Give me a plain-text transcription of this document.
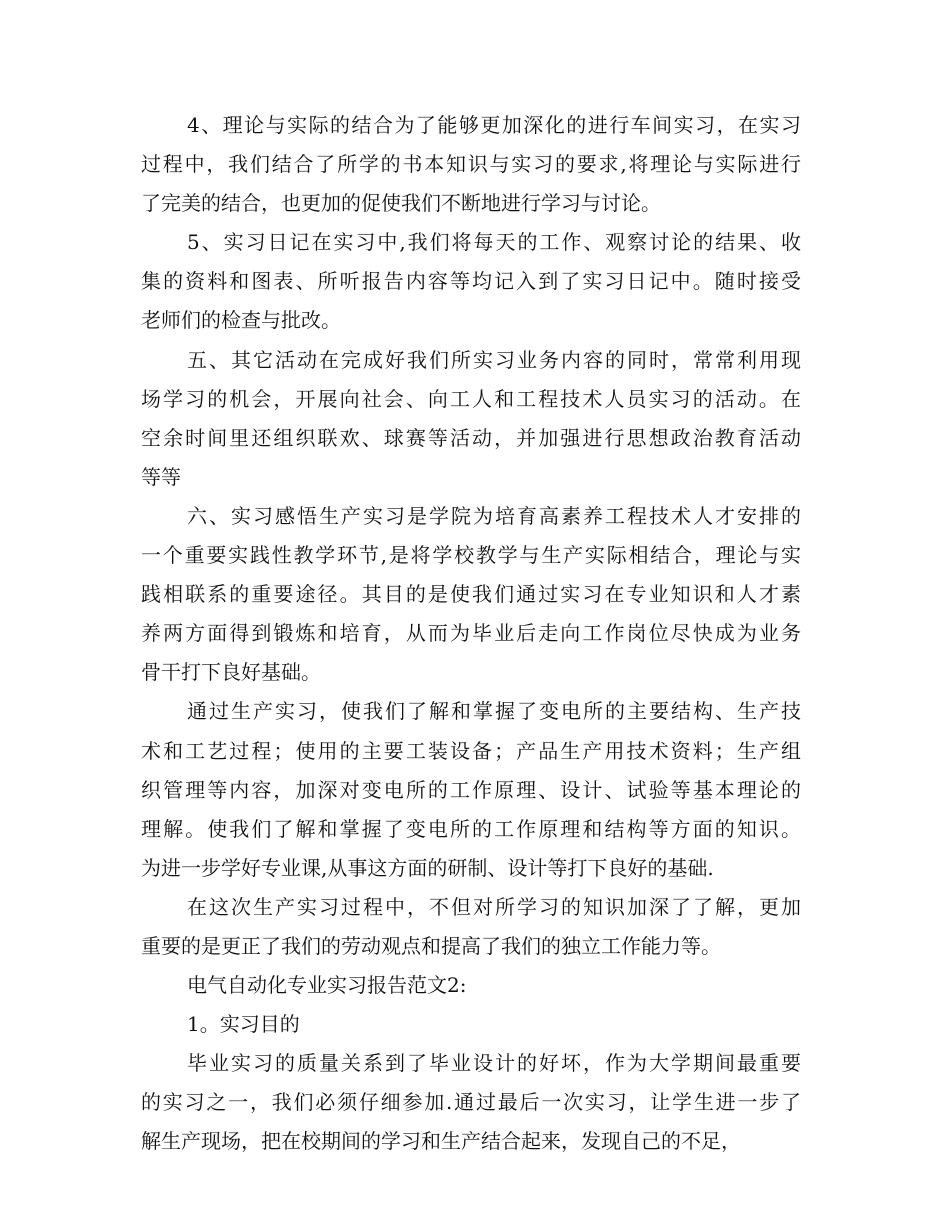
4、理论与实际的结合为了能够更加深化的进行车间实习，在实习
过程中，我们结合了所学的书本知识与实习的要求,将理论与实际进行
了完美的结合，也更加的促使我们不断地进行学习与讨论。
5、实习日记在实习中,我们将每天的工作、观察讨论的结果、收
集的资料和图表、所听报告内容等均记入到了实习日记中。随时接受
老师们的检查与批改。
五、其它活动在完成好我们所实习业务内容的同时，常常利用现
场学习的机会，开展向社会、向工人和工程技术人员实习的活动。在
空余时间里还组织联欢、球赛等活动，并加强进行思想政治教育活动
等等
六、实习感悟生产实习是学院为培育高素养工程技术人才安排的
一个重要实践性教学环节,是将学校教学与生产实际相结合，理论与实
践相联系的重要途径。其目的是使我们通过实习在专业知识和人才素
养两方面得到锻炼和培育，从而为毕业后走向工作岗位尽快成为业务
骨干打下良好基础。
通过生产实习，使我们了解和掌握了变电所的主要结构、生产技
术和工艺过程；使用的主要工装设备；产品生产用技术资料；生产组
织管理等内容，加深对变电所的工作原理、设计、试验等基本理论的
理解。使我们了解和掌握了变电所的工作原理和结构等方面的知识。
为进一步学好专业课,从事这方面的研制、设计等打下良好的基础.
在这次生产实习过程中，不但对所学习的知识加深了了解，更加
重要的是更正了我们的劳动观点和提高了我们的独立工作能力等。
电气自动化专业实习报告范文2:
1。实习目的
毕业实习的质量关系到了毕业设计的好坏，作为大学期间最重要
的实习之一，我们必须仔细参加.通过最后一次实习，让学生进一步了
解生产现场，把在校期间的学习和生产结合起来，发现自己的不足，
